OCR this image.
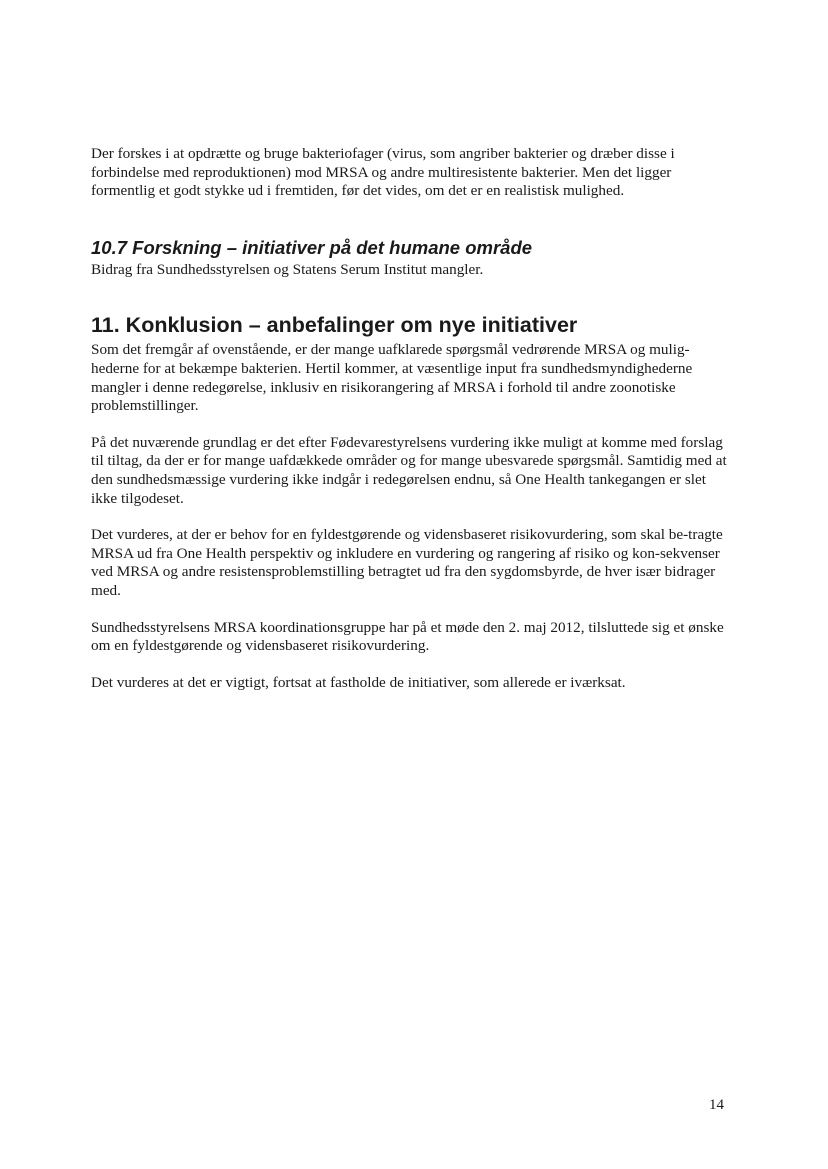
Der forskes i at opdrætte og bruge bakteriofager (virus, som angriber bakterier og dræber disse i forbindelse med reproduktionen) mod MRSA og andre multiresistente bakterier. Men det ligger formentlig et godt stykke ud i fremtiden, før det vides, om det er en realistisk mulighed.

10.7 Forskning – initiativer på det humane område

Bidrag fra Sundhedsstyrelsen og Statens Serum Institut mangler.

11. Konklusion – anbefalinger om nye initiativer

Som det fremgår af ovenstående, er der mange uafklarede spørgsmål vedrørende MRSA og mulig-hederne for at bekæmpe bakterien. Hertil kommer, at væsentlige input fra sundhedsmyndighederne mangler i denne redegørelse, inklusiv en risikorangering af MRSA i forhold til andre zoonotiske problemstillinger.

På det nuværende grundlag er det efter Fødevarestyrelsens vurdering ikke muligt at komme med forslag til tiltag, da der er for mange uafdækkede områder og for mange ubesvarede spørgsmål. Samtidig med at den sundhedsmæssige vurdering ikke indgår i redegørelsen endnu, så One Health tankegangen er slet ikke tilgodeset.

Det vurderes, at der er behov for en fyldestgørende og vidensbaseret risikovurdering, som skal be-tragte MRSA ud fra One Health perspektiv og inkludere en vurdering og rangering af risiko og kon-sekvenser ved MRSA og andre resistensproblemstilling betragtet ud fra den sygdomsbyrde, de hver især bidrager med.

Sundhedsstyrelsens MRSA koordinationsgruppe har på et møde den 2. maj 2012, tilsluttede sig et ønske om en fyldestgørende og vidensbaseret risikovurdering.

Det vurderes at det er vigtigt, fortsat at fastholde de initiativer, som allerede er iværksat.

14
